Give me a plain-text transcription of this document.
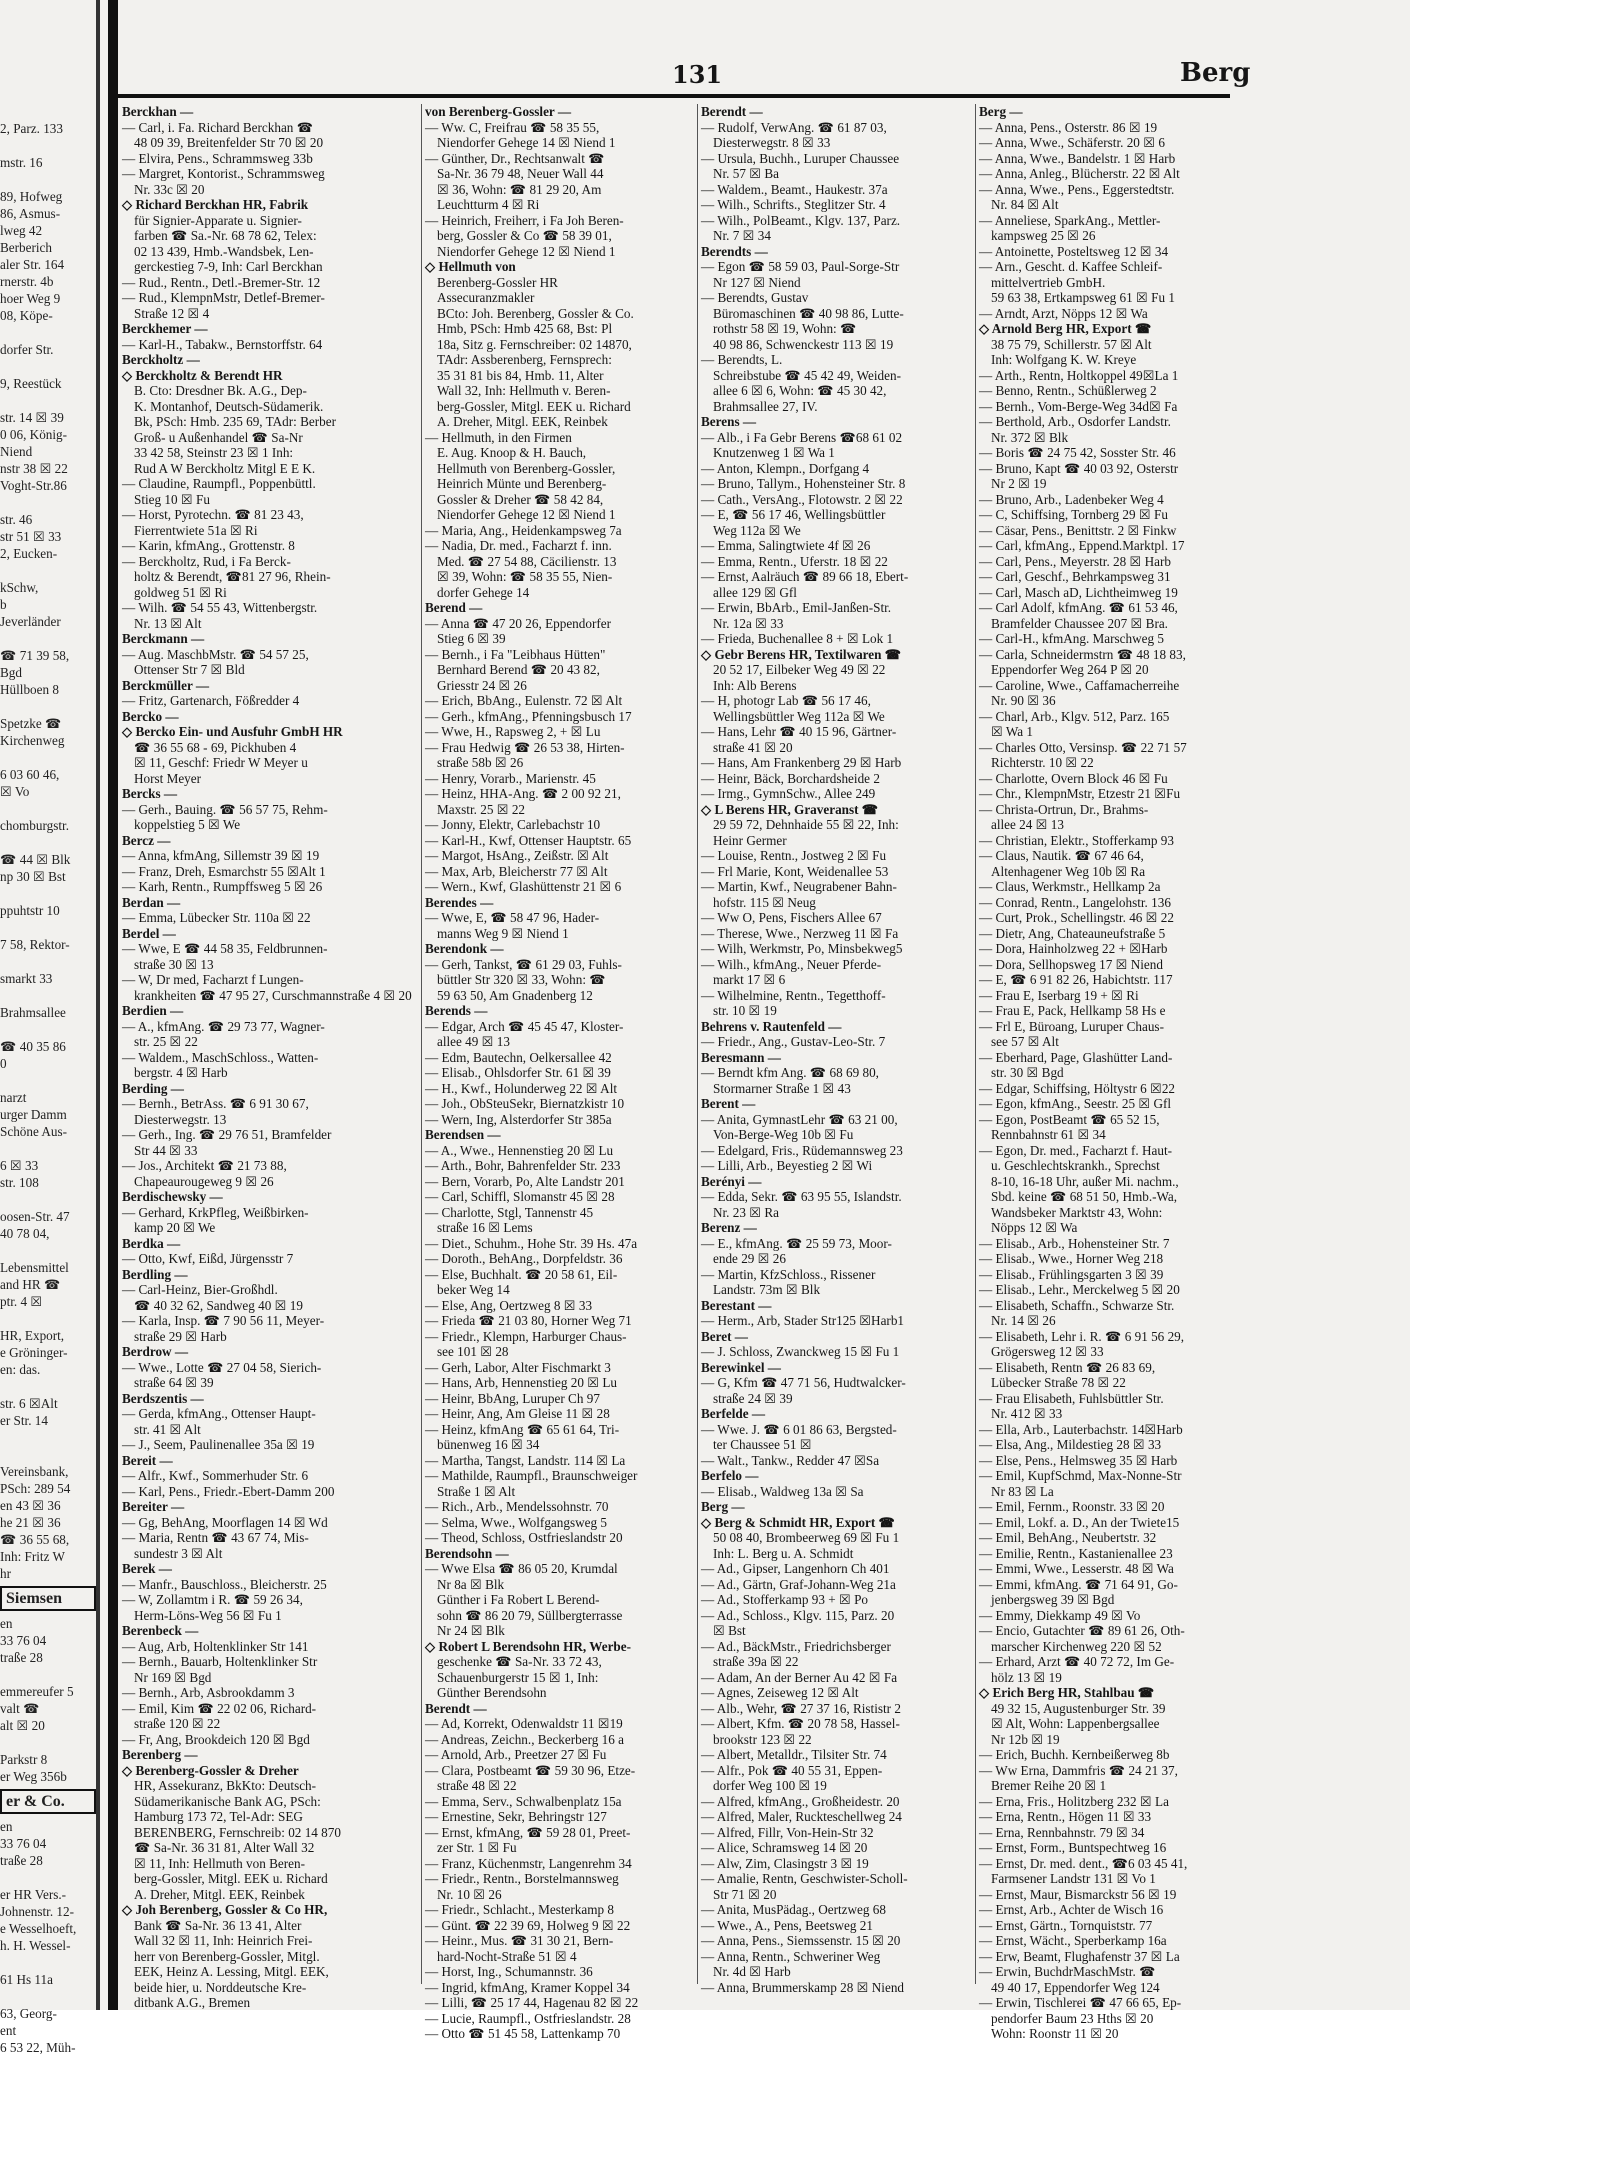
2, Parz. 133

mstr. 16

89, Hofweg
86, Asmus-
lweg 42
Berberich
aler Str. 164
rnerstr. 4b
hoer Weg 9
08, Köpe-

dorfer Str.

9, Reestück

str. 14 ☒ 39
0 06, König-
Niend
nstr 38 ☒ 22
Voght-Str.86

str. 46
str 51 ☒ 33
2, Eucken-

kSchw,
b
Jeverländer

☎ 71 39 58,
Bgd
Hüllboen 8

Spetzke ☎
Kirchenweg

6 03 60 46,
☒ Vo

chomburgstr.

☎ 44 ☒ Blk
np 30 ☒ Bst

ppuhtstr 10

7 58, Rektor-

smarkt 33

Brahmsallee

☎ 40 35 86
0

narzt
urger Damm
Schöne Aus-

6 ☒ 33
str. 108

oosen-Str. 47
40 78 04,

Lebensmittel
and HR ☎
ptr. 4 ☒

HR, Export,
e Gröninger-
en: das.

str. 6 ☒Alt
er Str. 14

Vereinsbank,
PSch: 289 54
en 43 ☒ 36
he 21 ☒ 36
☎ 36 55 68,
Inh: Fritz W
hr
Siemsen
en
33 76 04
traße 28

emmereufer 5
valt ☎
alt ☒ 20

Parkstr 8
er Weg 356b
er & Co.
en
33 76 04
traße 28

er HR Vers.-
Johnenstr. 12-
e Wesselhoeft,
h. H. Wessel-

61 Hs 11a

63, Georg-
ent
6 53 22, Müh-
131	Berg
Berckhan —
— Carl, i. Fa. Richard Berckhan ☎
48 09 39, Breitenfelder Str 70 ☒ 20
— Elvira, Pens., Schrammsweg 33b
— Margret, Kontorist., Schrammsweg
Nr. 33c ☒ 20
◇ Richard Berckhan HR, Fabrik
für Signier-Apparate u. Signier-
farben ☎ Sa.-Nr. 68 78 62, Telex:
02 13 439, Hmb.-Wandsbek, Len-
gerckestieg 7-9, Inh: Carl Berckhan
— Rud., Rentn., Detl.-Bremer-Str. 12
— Rud., KlempnMstr, Detlef-Bremer-
Straße 12 ☒ 4
Berckhemer —
— Karl-H., Tabakw., Bernstorffstr. 64
Berckholtz —
◇ Berckholtz & Berendt HR
B. Cto: Dresdner Bk. A.G., Dep-
K. Montanhof, Deutsch-Südamerik.
Bk, PSch: Hmb. 235 69, TAdr: Berber
Groß- u Außenhandel ☎ Sa-Nr
33 42 58, Steinstr 23 ☒ 1 Inh:
Rud A W Berckholtz Mitgl E E K.
— Claudine, Raumpfl., Poppenbüttl.
Stieg 10 ☒ Fu
— Horst, Pyrotechn. ☎ 81 23 43,
Fierrentwiete 51a ☒ Ri
— Karin, kfmAng., Grottenstr. 8
— Berckholtz, Rud, i Fa Berck-
holtz & Berendt, ☎81 27 96, Rhein-
goldweg 51 ☒ Ri
— Wilh. ☎ 54 55 43, Wittenbergstr.
Nr. 13 ☒ Alt
Berckmann —
— Aug. MaschbMstr. ☎ 54 57 25,
Ottenser Str 7 ☒ Bld
Berckmüller —
— Fritz, Gartenarch, Fößredder 4
Bercko —
◇ Bercko Ein- und Ausfuhr GmbH HR
☎ 36 55 68 - 69, Pickhuben 4
☒ 11, Geschf: Friedr W Meyer u
Horst Meyer
Bercks —
— Gerh., Bauing. ☎ 56 57 75, Rehm-
koppelstieg 5 ☒ We
Bercz —
— Anna, kfmAng, Sillemstr 39 ☒ 19
— Franz, Dreh, Esmarchstr 55 ☒Alt 1
— Karh, Rentn., Rumpffsweg 5 ☒ 26
Berdan —
— Emma, Lübecker Str. 110a ☒ 22
Berdel —
— Wwe, E ☎ 44 58 35, Feldbrunnen-
straße 30 ☒ 13
— W, Dr med, Facharzt f Lungen-
krankheiten ☎ 47 95 27, Curschmannstraße 4 ☒ 20
Berdien —
— A., kfmAng. ☎ 29 73 77, Wagner-
str. 25 ☒ 22
— Waldem., MaschSchloss., Watten-
bergstr. 4 ☒ Harb
Berding —
— Bernh., BetrAss. ☎ 6 91 30 67,
Diesterwegstr. 13
— Gerh., Ing. ☎ 29 76 51, Bramfelder
Str 44 ☒ 33
— Jos., Architekt ☎ 21 73 88,
Chapeaurougeweg 9 ☒ 26
Berdischewsky —
— Gerhard, KrkPfleg, Weißbirken-
kamp 20 ☒ We
Berdka —
— Otto, Kwf, Eißd, Jürgensstr 7
Berdling —
— Carl-Heinz, Bier-Großhdl.
☎ 40 32 62, Sandweg 40 ☒ 19
— Karla, Insp. ☎ 7 90 56 11, Meyer-
straße 29 ☒ Harb
Berdrow —
— Wwe., Lotte ☎ 27 04 58, Sierich-
straße 64 ☒ 39
Berdszentis —
— Gerda, kfmAng., Ottenser Haupt-
str. 41 ☒ Alt
— J., Seem, Paulinenallee 35a ☒ 19
Bereit —
— Alfr., Kwf., Sommerhuder Str. 6
— Karl, Pens., Friedr.-Ebert-Damm 200
Bereiter —
— Gg, BehAng, Moorflagen 14 ☒ Wd
— Maria, Rentn ☎ 43 67 74, Mis-
sundestr 3 ☒ Alt
Berek —
— Manfr., Bauschloss., Bleicherstr. 25
— W, Zollamtm i R. ☎ 59 26 34,
Herm-Löns-Weg 56 ☒ Fu 1
Berenbeck —
— Aug, Arb, Holtenklinker Str 141
— Bernh., Bauarb, Holtenklinker Str
Nr 169 ☒ Bgd
— Bernh., Arb, Asbrookdamm 3
— Emil, Kim ☎ 22 02 06, Richard-
straße 120 ☒ 22
— Fr, Ang, Brookdeich 120 ☒ Bgd
Berenberg —
◇ Berenberg-Gossler & Dreher
HR, Assekuranz, BkKto: Deutsch-
Südamerikanische Bank AG, PSch:
Hamburg 173 72, Tel-Adr: SEG
BERENBERG, Fernschreib: 02 14 870
☎ Sa-Nr. 36 31 81, Alter Wall 32
☒ 11, Inh: Hellmuth von Beren-
berg-Gossler, Mitgl. EEK u. Richard
A. Dreher, Mitgl. EEK, Reinbek
◇ Joh Berenberg, Gossler & Co HR,
Bank ☎ Sa-Nr. 36 13 41, Alter
Wall 32 ☒ 11, Inh: Heinrich Frei-
herr von Berenberg-Gossler, Mitgl.
EEK, Heinz A. Lessing, Mitgl. EEK,
beide hier, u. Norddeutsche Kre-
ditbank A.G., Bremen
von Berenberg-Gossler —
— Ww. C, Freifrau ☎ 58 35 55,
Niendorfer Gehege 14 ☒ Niend 1
— Günther, Dr., Rechtsanwalt ☎
Sa-Nr. 36 79 48, Neuer Wall 44
☒ 36, Wohn: ☎ 81 29 20, Am
Leuchtturm 4 ☒ Ri
— Heinrich, Freiherr, i Fa Joh Beren-
berg, Gossler & Co ☎ 58 39 01,
Niendorfer Gehege 12 ☒ Niend 1
◇ Hellmuth von
Berenberg-Gossler HR
Assecuranzmakler
BCto: Joh. Berenberg, Gossler & Co.
Hmb, PSch: Hmb 425 68, Bst: Pl
18a, Sitz g. Fernschreiber: 02 14870,
TAdr: Assberenberg, Fernsprech:
35 31 81 bis 84, Hmb. 11, Alter
Wall 32, Inh: Hellmuth v. Beren-
berg-Gossler, Mitgl. EEK u. Richard
A. Dreher, Mitgl. EEK, Reinbek
— Hellmuth, in den Firmen
E. Aug. Knoop & H. Bauch,
Hellmuth von Berenberg-Gossler,
Heinrich Münte und Berenberg-
Gossler & Dreher ☎ 58 42 84,
Niendorfer Gehege 12 ☒ Niend 1
— Maria, Ang., Heidenkampsweg 7a
— Nadia, Dr. med., Facharzt f. inn.
Med. ☎ 27 54 88, Cäcilienstr. 13
☒ 39, Wohn: ☎ 58 35 55, Nien-
dorfer Gehege 14
Berend —
— Anna ☎ 47 20 26, Eppendorfer
Stieg 6 ☒ 39
— Bernh., i Fa "Leibhaus Hütten"
Bernhard Berend ☎ 20 43 82,
Griesstr 24 ☒ 26
— Erich, BbAng., Eulenstr. 72 ☒ Alt
— Gerh., kfmAng., Pfenningsbusch 17
— Wwe, H., Rapsweg 2, + ☒ Lu
— Frau Hedwig ☎ 26 53 38, Hirten-
straße 58b ☒ 26
— Henry, Vorarb., Marienstr. 45
— Heinz, HHA-Ang. ☎ 2 00 92 21,
Maxstr. 25 ☒ 22
— Jonny, Elektr, Carlebachstr 10
— Karl-H., Kwf, Ottenser Hauptstr. 65
— Margot, HsAng., Zeißstr. ☒ Alt
— Max, Arb, Bleicherstr 77 ☒ Alt
— Wern., Kwf, Glashüttenstr 21 ☒ 6
Berendes —
— Wwe, E, ☎ 58 47 96, Hader-
manns Weg 9 ☒ Niend 1
Berendonk —
— Gerh, Tankst, ☎ 61 29 03, Fuhls-
büttler Str 320 ☒ 33, Wohn: ☎
59 63 50, Am Gnadenberg 12
Berends —
— Edgar, Arch ☎ 45 45 47, Kloster-
allee 49 ☒ 13
— Edm, Bautechn, Oelkersallee 42
— Elisab., Ohlsdorfer Str. 61 ☒ 39
— H., Kwf., Holunderweg 22 ☒ Alt
— Joh., ObSteuSekr, Biernatzkistr 10
— Wern, Ing, Alsterdorfer Str 385a
Berendsen —
— A., Wwe., Hennenstieg 20 ☒ Lu
— Arth., Bohr, Bahrenfelder Str. 233
— Bern, Vorarb, Po, Alte Landstr 201
— Carl, Schiffl, Slomanstr 45 ☒ 28
— Charlotte, Stgl, Tannenstr 45
straße 16 ☒ Lems
— Diet., Schuhm., Hohe Str. 39 Hs. 47a
— Doroth., BehAng., Dorpfeldstr. 36
— Else, Buchhalt. ☎ 20 58 61, Eil-
beker Weg 14
— Else, Ang, Oertzweg 8 ☒ 33
— Frieda ☎ 21 03 80, Horner Weg 71
— Friedr., Klempn, Harburger Chaus-
see 101 ☒ 28
— Gerh, Labor, Alter Fischmarkt 3
— Hans, Arb, Hennenstieg 20 ☒ Lu
— Heinr, BbAng, Luruper Ch 97
— Heinr, Ang, Am Gleise 11 ☒ 28
— Heinz, kfmAng ☎ 65 61 64, Tri-
bünenweg 16 ☒ 34
— Martha, Tangst, Landstr. 114 ☒ La
— Mathilde, Raumpfl., Braunschweiger
Straße 1 ☒ Alt
— Rich., Arb., Mendelssohnstr. 70
— Selma, Wwe., Wolfgangsweg 5
— Theod, Schloss, Ostfrieslandstr 20
Berendsohn —
— Wwe Elsa ☎ 86 05 20, Krumdal
Nr 8a ☒ Blk
Günther i Fa Robert L Berend-
sohn ☎ 86 20 79, Süllbergterrasse
Nr 24 ☒ Blk
◇ Robert L Berendsohn HR, Werbe-
geschenke ☎ Sa-Nr. 33 72 43,
Schauenburgerstr 15 ☒ 1, Inh:
Günther Berendsohn
Berendt —
— Ad, Korrekt, Odenwaldstr 11 ☒19
— Andreas, Zeichn., Beckerberg 16 a
— Arnold, Arb., Preetzer 27 ☒ Fu
— Clara, Postbeamt ☎ 59 30 96, Etze-
straße 48 ☒ 22
— Emma, Serv., Schwalbenplatz 15a
— Ernestine, Sekr, Behringstr 127
— Ernst, kfmAng, ☎ 59 28 01, Preet-
zer Str. 1 ☒ Fu
— Franz, Küchenmstr, Langenrehm 34
— Friedr., Rentn., Borstelmannsweg
Nr. 10 ☒ 26
— Friedr., Schlacht., Mesterkamp 8
— Günt. ☎ 22 39 69, Holweg 9 ☒ 22
— Heinr., Mus. ☎ 31 30 21, Bern-
hard-Nocht-Straße 51 ☒ 4
— Horst, Ing., Schumannstr. 36
— Ingrid, kfmAng, Kramer Koppel 34
— Lilli, ☎ 25 17 44, Hagenau 82 ☒ 22
— Lucie, Raumpfl., Ostfrieslandstr. 28
— Otto ☎ 51 45 58, Lattenkamp 70
Berendt —
— Rudolf, VerwAng. ☎ 61 87 03,
Diesterwegstr. 8 ☒ 33
— Ursula, Buchh., Luruper Chaussee
Nr. 57 ☒ Ba
— Waldem., Beamt., Haukestr. 37a
— Wilh., Schrifts., Steglitzer Str. 4
— Wilh., PolBeamt., Klgv. 137, Parz.
Nr. 7 ☒ 34
Berendts —
— Egon ☎ 58 59 03, Paul-Sorge-Str
Nr 127 ☒ Niend
— Berendts, Gustav
Büromaschinen ☎ 40 98 86, Lutte-
rothstr 58 ☒ 19, Wohn: ☎
40 98 86, Schwenckestr 113 ☒ 19
— Berendts, L.
Schreibstube ☎ 45 42 49, Weiden-
allee 6 ☒ 6, Wohn: ☎ 45 30 42,
Brahmsallee 27, IV.
Berens —
— Alb., i Fa Gebr Berens ☎68 61 02
Knutzenweg 1 ☒ Wa 1
— Anton, Klempn., Dorfgang 4
— Bruno, Tallym., Hohensteiner Str. 8
— Cath., VersAng., Flotowstr. 2 ☒ 22
— E, ☎ 56 17 46, Wellingsbüttler
Weg 112a ☒ We
— Emma, Salingtwiete 4f ☒ 26
— Emma, Rentn., Uferstr. 18 ☒ 22
— Ernst, Aalräuch ☎ 89 66 18, Ebert-
allee 129 ☒ Gfl
— Erwin, BbArb., Emil-Janßen-Str.
Nr. 12a ☒ 33
— Frieda, Buchenallee 8 + ☒ Lok 1
◇ Gebr Berens HR, Textilwaren ☎
20 52 17, Eilbeker Weg 49 ☒ 22
Inh: Alb Berens
— H, photogr Lab ☎ 56 17 46,
Wellingsbüttler Weg 112a ☒ We
— Hans, Lehr ☎ 40 15 96, Gärtner-
straße 41 ☒ 20
— Hans, Am Frankenberg 29 ☒ Harb
— Heinr, Bäck, Borchardsheide 2
— Irmg., GymnSchw., Allee 249
◇ L Berens HR, Graveranst ☎
29 59 72, Dehnhaide 55 ☒ 22, Inh:
Heinr Germer
— Louise, Rentn., Jostweg 2 ☒ Fu
— Frl Marie, Kont, Weidenallee 53
— Martin, Kwf., Neugrabener Bahn-
hofstr. 115 ☒ Neug
— Ww O, Pens, Fischers Allee 67
— Therese, Wwe., Nerzweg 11 ☒ Fa
— Wilh, Werkmstr, Po, Minsbekweg5
— Wilh., kfmAng., Neuer Pferde-
markt 17 ☒ 6
— Wilhelmine, Rentn., Tegetthoff-
str. 10 ☒ 19
Behrens v. Rautenfeld —
— Friedr., Ang., Gustav-Leo-Str. 7
Beresmann —
— Berndt kfm Ang. ☎ 68 69 80,
Stormarner Straße 1 ☒ 43
Berent —
— Anita, GymnastLehr ☎ 63 21 00,
Von-Berge-Weg 10b ☒ Fu
— Edelgard, Fris., Rüdemannsweg 23
— Lilli, Arb., Beyestieg 2 ☒ Wi
Berényi —
— Edda, Sekr. ☎ 63 95 55, Islandstr.
Nr. 23 ☒ Ra
Berenz —
— E., kfmAng. ☎ 25 59 73, Moor-
ende 29 ☒ 26
— Martin, KfzSchloss., Rissener
Landstr. 73m ☒ Blk
Berestant —
— Herm., Arb, Stader Str125 ☒Harb1
Beret —
— J. Schloss, Zwanckweg 15 ☒ Fu 1
Berewinkel —
— G, Kfm ☎ 47 71 56, Hudtwalcker-
straße 24 ☒ 39
Berfelde —
— Wwe. J. ☎ 6 01 86 63, Bergsted-
ter Chaussee 51 ☒
— Walt., Tankw., Redder 47 ☒Sa
Berfelo —
— Elisab., Waldweg 13a ☒ Sa
Berg —
◇ Berg & Schmidt HR, Export ☎
50 08 40, Brombeerweg 69 ☒ Fu 1
Inh: L. Berg u. A. Schmidt
— Ad., Gipser, Langenhorn Ch 401
— Ad., Gärtn, Graf-Johann-Weg 21a
— Ad., Stofferkamp 93 + ☒ Po
— Ad., Schloss., Klgv. 115, Parz. 20
☒ Bst
— Ad., BäckMstr., Friedrichsberger
straße 39a ☒ 22
— Adam, An der Berner Au 42 ☒ Fa
— Agnes, Zeiseweg 12 ☒ Alt
— Alb., Wehr, ☎ 27 37 16, Rististr 2
— Albert, Kfm. ☎ 20 78 58, Hassel-
brookstr 123 ☒ 22
— Albert, Metalldr., Tilsiter Str. 74
— Alfr., Pok ☎ 40 55 31, Eppen-
dorfer Weg 100 ☒ 19
— Alfred, kfmAng., Großheidestr. 20
— Alfred, Maler, Ruckteschellweg 24
— Alfred, Fillr, Von-Hein-Str 32
— Alice, Schramsweg 14 ☒ 20
— Alw, Zim, Clasingstr 3 ☒ 19
— Amalie, Rentn, Geschwister-Scholl-
Str 71 ☒ 20
— Anita, MusPädag., Oertzweg 68
— Wwe., A., Pens, Beetsweg 21
— Anna, Pens., Siemssenstr. 15 ☒ 20
— Anna, Rentn., Schweriner Weg
Nr. 4d ☒ Harb
— Anna, Brummerskamp 28 ☒ Niend
Berg —
— Anna, Pens., Osterstr. 86 ☒ 19
— Anna, Wwe., Schäferstr. 20 ☒ 6
— Anna, Wwe., Bandelstr. 1 ☒ Harb
— Anna, Anleg., Blücherstr. 22 ☒ Alt
— Anna, Wwe., Pens., Eggerstedtstr.
Nr. 84 ☒ Alt
— Anneliese, SparkAng., Mettler-
kampsweg 25 ☒ 26
— Antoinette, Posteltsweg 12 ☒ 34
— Arn., Gescht. d. Kaffee Schleif-
mittelvertrieb GmbH.
59 63 38, Ertkampsweg 61 ☒ Fu 1
— Arndt, Arzt, Nöpps 12 ☒ Wa
◇ Arnold Berg HR, Export ☎
38 75 79, Schillerstr. 57 ☒ Alt
Inh: Wolfgang K. W. Kreye
— Arth., Rentn, Holtkoppel 49☒La 1
— Benno, Rentn., Schüßlerweg 2
— Bernh., Vom-Berge-Weg 34d☒ Fa
— Berthold, Arb., Osdorfer Landstr.
Nr. 372 ☒ Blk
— Boris ☎ 24 75 42, Sosster Str. 46
— Bruno, Kapt ☎ 40 03 92, Osterstr
Nr 2 ☒ 19
— Bruno, Arb., Ladenbeker Weg 4
— C, Schiffsing, Tornberg 29 ☒ Fu
— Cäsar, Pens., Benittstr. 2 ☒ Finkw
— Carl, kfmAng., Eppend.Marktpl. 17
— Carl, Pens., Meyerstr. 28 ☒ Harb
— Carl, Geschf., Behrkampsweg 31
— Carl, Masch aD, Lichtheimweg 19
— Carl Adolf, kfmAng. ☎ 61 53 46,
Bramfelder Chaussee 207 ☒ Bra.
— Carl-H., kfmAng. Marschweg 5
— Carla, Schneidermstrn ☎ 48 18 83,
Eppendorfer Weg 264 P ☒ 20
— Caroline, Wwe., Caffamacherreihe
Nr. 90 ☒ 36
— Charl, Arb., Klgv. 512, Parz. 165
☒ Wa 1
— Charles Otto, Versinsp. ☎ 22 71 57
Richterstr. 10 ☒ 22
— Charlotte, Overn Block 46 ☒ Fu
— Chr., KlempnMstr, Etzestr 21 ☒Fu
— Christa-Ortrun, Dr., Brahms-
allee 24 ☒ 13
— Christian, Elektr., Stofferkamp 93
— Claus, Nautik. ☎ 67 46 64,
Altenhagener Weg 10b ☒ Ra
— Claus, Werkmstr., Hellkamp 2a
— Conrad, Rentn., Langelohstr. 136
— Curt, Prok., Schellingstr. 46 ☒ 22
— Dietr, Ang, Chateauneufstraße 5
— Dora, Hainholzweg 22 + ☒Harb
— Dora, Sellhopsweg 17 ☒ Niend
— E, ☎ 6 91 82 26, Habichtstr. 117
— Frau E, Iserbarg 19 + ☒ Ri
— Frau E, Pack, Hellkamp 58 Hs e
— Frl E, Büroang, Luruper Chaus-
see 57 ☒ Alt
— Eberhard, Page, Glashütter Land-
str. 30 ☒ Bgd
— Edgar, Schiffsing, Höltystr 6 ☒22
— Egon, kfmAng., Seestr. 25 ☒ Gfl
— Egon, PostBeamt ☎ 65 52 15,
Rennbahnstr 61 ☒ 34
— Egon, Dr. med., Facharzt f. Haut-
u. Geschlechtskrankh., Sprechst
8-10, 16-18 Uhr, außer Mi. nachm.,
Sbd. keine ☎ 68 51 50, Hmb.-Wa,
Wandsbeker Marktstr 43, Wohn:
Nöpps 12 ☒ Wa
— Elisab., Arb., Hohensteiner Str. 7
— Elisab., Wwe., Horner Weg 218
— Elisab., Frühlingsgarten 3 ☒ 39
— Elisab., Lehr., Merckelweg 5 ☒ 20
— Elisabeth, Schaffn., Schwarze Str.
Nr. 14 ☒ 26
— Elisabeth, Lehr i. R. ☎ 6 91 56 29,
Grögersweg 12 ☒ 33
— Elisabeth, Rentn ☎ 26 83 69,
Lübecker Straße 78 ☒ 22
— Frau Elisabeth, Fuhlsbüttler Str.
Nr. 412 ☒ 33
— Ella, Arb., Lauterbachstr. 14☒Harb
— Elsa, Ang., Mildestieg 28 ☒ 33
— Else, Pens., Helmsweg 35 ☒ Harb
— Emil, KupfSchmd, Max-Nonne-Str
Nr 83 ☒ La
— Emil, Fernm., Roonstr. 33 ☒ 20
— Emil, Lokf. a. D., An der Twiete15
— Emil, BehAng., Neubertstr. 32
— Emilie, Rentn., Kastanienallee 23
— Emmi, Wwe., Lesserstr. 48 ☒ Wa
— Emmi, kfmAng. ☎ 71 64 91, Go-
jenbergsweg 39 ☒ Bgd
— Emmy, Diekkamp 49 ☒ Vo
— Encio, Gutachter ☎ 89 61 26, Oth-
marscher Kirchenweg 220 ☒ 52
— Erhard, Arzt ☎ 40 72 72, Im Ge-
hölz 13 ☒ 19
◇ Erich Berg HR, Stahlbau ☎
49 32 15, Augustenburger Str. 39
☒ Alt, Wohn: Lappenbergsallee
Nr 12b ☒ 19
— Erich, Buchh. Kernbeißerweg 8b
— Ww Erna, Dammfris ☎ 24 21 37,
Bremer Reihe 20 ☒ 1
— Erna, Fris., Holitzberg 232 ☒ La
— Erna, Rentn., Högen 11 ☒ 33
— Erna, Rennbahnstr. 79 ☒ 34
— Ernst, Form., Buntspechtweg 16
— Ernst, Dr. med. dent., ☎6 03 45 41,
Farmsener Landstr 131 ☒ Vo 1
— Ernst, Maur, Bismarckstr 56 ☒ 19
— Ernst, Arb., Achter de Wisch 16
— Ernst, Gärtn., Tornquiststr. 77
— Ernst, Wächt., Sperberkamp 16a
— Erw, Beamt, Flughafenstr 37 ☒ La
— Erwin, BuchdrMaschMstr. ☎
49 40 17, Eppendorfer Weg 124
— Erwin, Tischlerei ☎ 47 66 65, Ep-
pendorfer Baum 23 Hths ☒ 20
Wohn: Roonstr 11 ☒ 20
